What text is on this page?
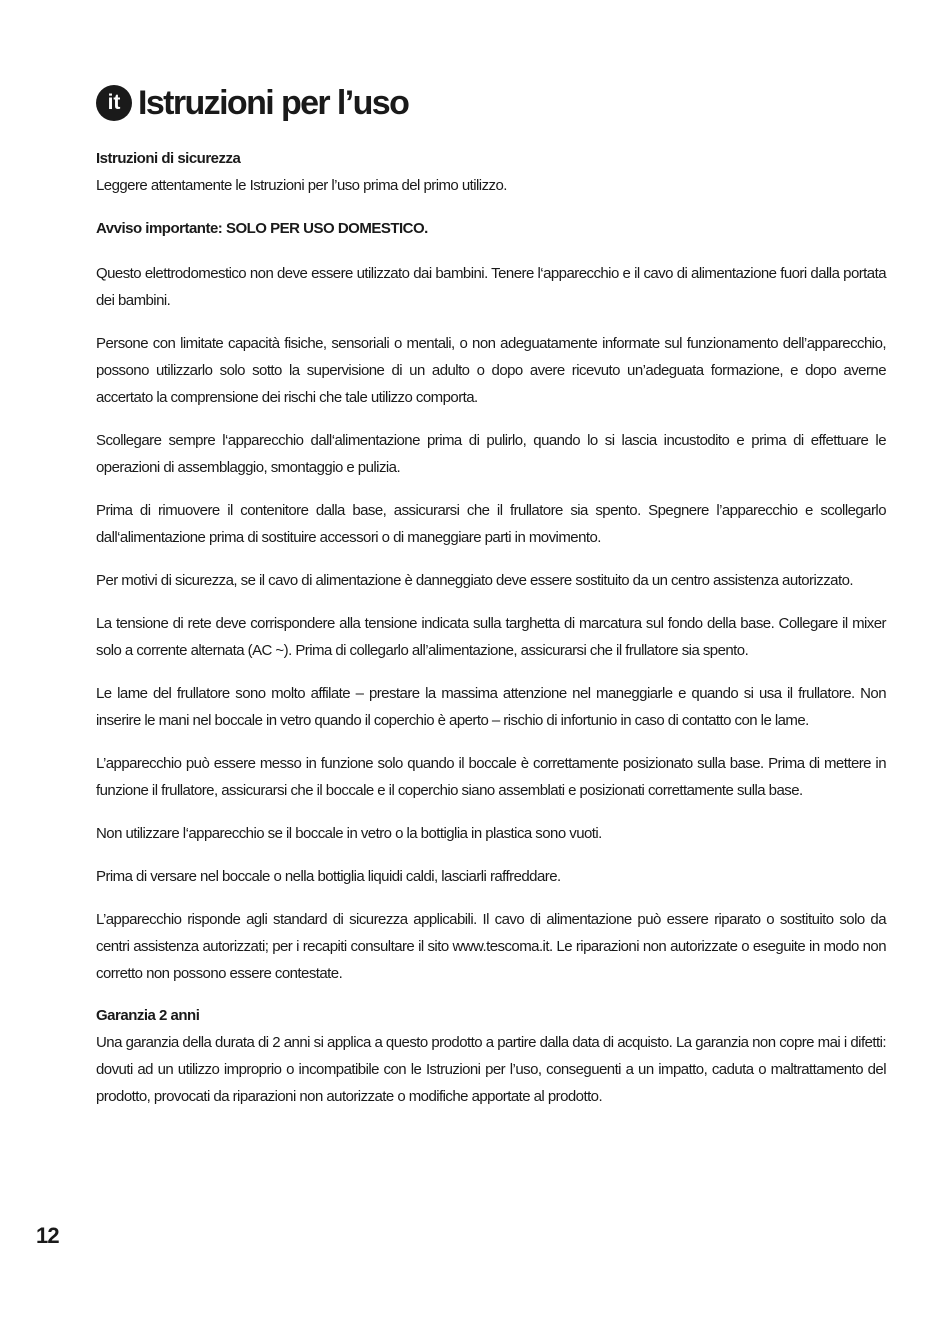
it Istruzioni per l’uso
Istruzioni di sicurezza

Leggere attentamente le Istruzioni per l’uso prima del primo utilizzo.

Avviso importante: SOLO PER USO DOMESTICO.

Questo elettrodomestico non deve essere utilizzato dai bambini. Tenere l‘apparecchio e il cavo di alimentazione fuori dalla portata dei bambini.

Persone con limitate capacità fisiche, sensoriali o mentali, o non adeguatamente informate sul funzionamento dell’apparecchio, possono utilizzarlo solo sotto la supervisione di un adulto o dopo avere ricevuto un’adeguata formazione, e dopo averne accertato la comprensione dei rischi che tale utilizzo comporta.

Scollegare sempre l‘apparecchio dall‘alimentazione prima di pulirlo, quando lo si lascia incustodito e prima di effettuare le operazioni di assemblaggio, smontaggio e pulizia.

Prima di rimuovere il contenitore dalla base, assicurarsi che il frullatore sia spento. Spegnere l’apparecchio e scollegarlo dall‘alimentazione prima di sostituire accessori o di maneggiare parti in movimento.

Per motivi di sicurezza, se il cavo di alimentazione è danneggiato deve essere sostituito da un centro assistenza autorizzato.

La tensione di rete deve corrispondere alla tensione indicata sulla targhetta di marcatura sul fondo della base. Collegare il mixer solo a corrente alternata (AC ~). Prima di collegarlo all’alimentazione, assicurarsi che il frullatore sia spento.

Le lame del frullatore sono molto affilate – prestare la massima attenzione nel maneggiarle e quando si usa il frullatore. Non inserire le mani nel boccale in vetro quando il coperchio è aperto – rischio di infortunio in caso di contatto con le lame.

L’apparecchio può essere messo in funzione solo quando il boccale è correttamente posizionato sulla base. Prima di mettere in funzione il frullatore, assicurarsi che il boccale e il coperchio siano assemblati e posizionati correttamente sulla base.

Non utilizzare l‘apparecchio se il boccale in vetro o la bottiglia in plastica sono vuoti.

Prima di versare nel boccale o nella bottiglia liquidi caldi, lasciarli raffreddare.

L’apparecchio risponde agli standard di sicurezza applicabili. Il cavo di alimentazione può essere riparato o sostituito solo da centri assistenza autorizzati; per i recapiti consultare il sito www.tescoma.it. Le riparazioni non autorizzate o eseguite in modo non corretto non possono essere contestate.

Garanzia 2 anni

Una garanzia della durata di 2 anni si applica a questo prodotto a partire dalla data di acquisto. La garanzia non copre mai i difetti: dovuti ad un utilizzo improprio o incompatibile con le Istruzioni per l’uso, conseguenti a un impatto, caduta o maltrattamento del prodotto, provocati da riparazioni non autorizzate o modifiche apportate al prodotto.

12
